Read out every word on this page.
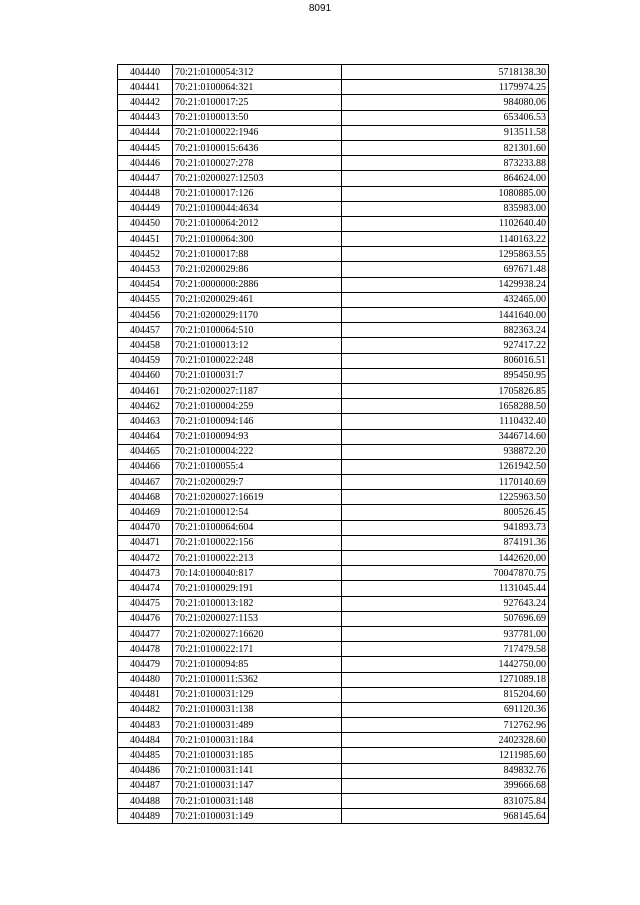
8091
404440	70:21:0100054:312	5718138.30
404441	70:21:0100064:321	1179974.25
404442	70:21:0100017:25	984080.06
404443	70:21:0100013:50	653406.53
404444	70:21:0100022:1946	913511.58
404445	70:21:0100015:6436	821301.60
404446	70:21:0100027:278	873233.88
404447	70:21:0200027:12503	864624.00
404448	70:21:0100017:126	1080885.00
404449	70:21:0100044:4634	835983.00
404450	70:21:0100064:2012	1102640.40
404451	70:21:0100064:300	1140163.22
404452	70:21:0100017:88	1295863.55
404453	70:21:0200029:86	697671.48
404454	70:21:0000000:2886	1429938.24
404455	70:21:0200029:461	432465.00
404456	70:21:0200029:1170	1441640.00
404457	70:21:0100064:510	882363.24
404458	70:21:0100013:12	927417.22
404459	70:21:0100022:248	806016.51
404460	70:21:0100031:7	895450.95
404461	70:21:0200027:1187	1705826.85
404462	70:21:0100004:259	1658288.50
404463	70:21:0100094:146	1110432.40
404464	70:21:0100094:93	3446714.60
404465	70:21:0100004:222	938872.20
404466	70:21:0100055:4	1261942.50
404467	70:21:0200029:7	1170140.69
404468	70:21:0200027:16619	1225963.50
404469	70:21:0100012:54	800526.45
404470	70:21:0100064:604	941893.73
404471	70:21:0100022:156	874191.36
404472	70:21:0100022:213	1442620.00
404473	70:14:0100040:817	70047870.75
404474	70:21:0100029:191	1131045.44
404475	70:21:0100013:182	927643.24
404476	70:21:0200027:1153	507696.69
404477	70:21:0200027:16620	937781.00
404478	70:21:0100022:171	717479.58
404479	70:21:0100094:85	1442750.00
404480	70:21:0100011:5362	1271089.18
404481	70:21:0100031:129	815204.60
404482	70:21:0100031:138	691120.36
404483	70:21:0100031:489	712762.96
404484	70:21:0100031:184	2402328.60
404485	70:21:0100031:185	1211985.60
404486	70:21:0100031:141	849832.76
404487	70:21:0100031:147	399666.68
404488	70:21:0100031:148	831075.84
404489	70:21:0100031:149	968145.64
